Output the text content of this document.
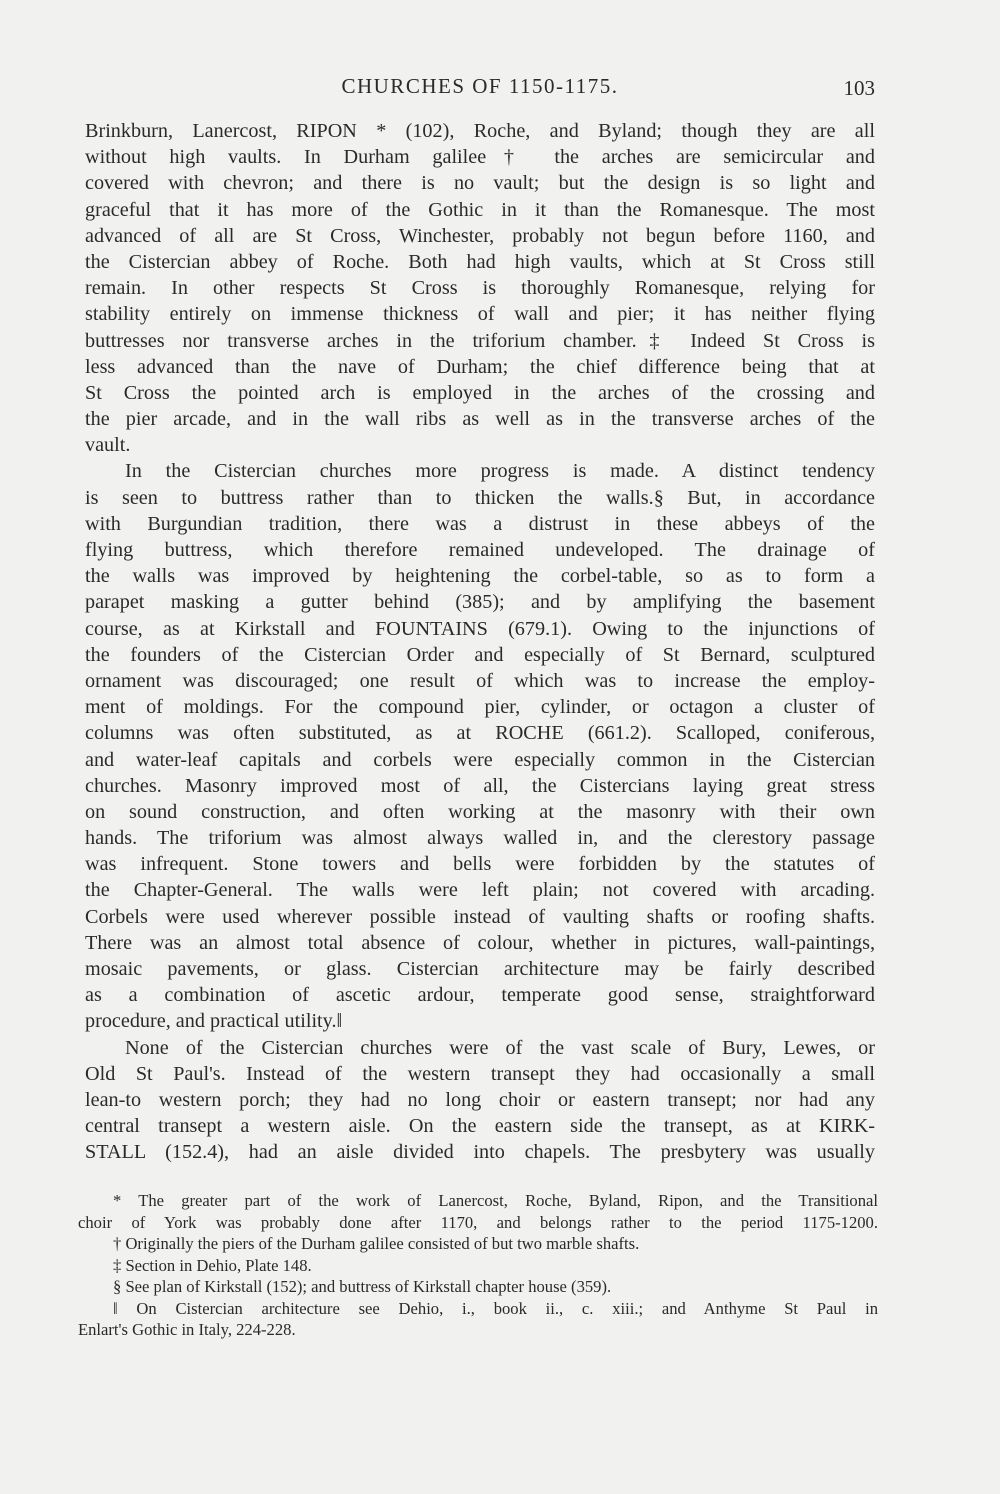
CHURCHES OF 1150-1175.	103
Brinkburn, Lanercost, RIPON * (102), Roche, and Byland; though they are all
without high vaults. In Durham galilee† the arches are semicircular and
covered with chevron; and there is no vault; but the design is so light and
graceful that it has more of the Gothic in it than the Romanesque. The most
advanced of all are St Cross, Winchester, probably not begun before 1160, and
the Cistercian abbey of Roche. Both had high vaults, which at St Cross still
remain. In other respects St Cross is thoroughly Romanesque, relying for
stability entirely on immense thickness of wall and pier; it has neither flying
buttresses nor transverse arches in the triforium chamber.‡ Indeed St Cross is
less advanced than the nave of Durham; the chief difference being that at
St Cross the pointed arch is employed in the arches of the crossing and
the pier arcade, and in the wall ribs as well as in the transverse arches of the
vault.
In the Cistercian churches more progress is made. A distinct tendency
is seen to buttress rather than to thicken the walls.§ But, in accordance
with Burgundian tradition, there was a distrust in these abbeys of the
flying buttress, which therefore remained undeveloped. The drainage of
the walls was improved by heightening the corbel-table, so as to form a
parapet masking a gutter behind (385); and by amplifying the basement
course, as at Kirkstall and FOUNTAINS (679.1). Owing to the injunctions of
the founders of the Cistercian Order and especially of St Bernard, sculptured
ornament was discouraged; one result of which was to increase the employ-
ment of moldings. For the compound pier, cylinder, or octagon a cluster of
columns was often substituted, as at ROCHE (661.2). Scalloped, coniferous,
and water-leaf capitals and corbels were especially common in the Cistercian
churches. Masonry improved most of all, the Cistercians laying great stress
on sound construction, and often working at the masonry with their own
hands. The triforium was almost always walled in, and the clerestory passage
was infrequent. Stone towers and bells were forbidden by the statutes of
the Chapter-General. The walls were left plain; not covered with arcading.
Corbels were used wherever possible instead of vaulting shafts or roofing shafts.
There was an almost total absence of colour, whether in pictures, wall-paintings,
mosaic pavements, or glass. Cistercian architecture may be fairly described
as a combination of ascetic ardour, temperate good sense, straightforward
procedure, and practical utility.‖
None of the Cistercian churches were of the vast scale of Bury, Lewes, or
Old St Paul's. Instead of the western transept they had occasionally a small
lean-to western porch; they had no long choir or eastern transept; nor had any
central transept a western aisle. On the eastern side the transept, as at KIRK-
STALL (152.4), had an aisle divided into chapels. The presbytery was usually
* The greater part of the work of Lanercost, Roche, Byland, Ripon, and the Transitional
choir of York was probably done after 1170, and belongs rather to the period 1175-1200.
† Originally the piers of the Durham galilee consisted of but two marble shafts.
‡ Section in Dehio, Plate 148.
§ See plan of Kirkstall (152); and buttress of Kirkstall chapter house (359).
‖ On Cistercian architecture see Dehio, i., book ii., c. xiii.; and Anthyme St Paul in
Enlart's Gothic in Italy, 224-228.
